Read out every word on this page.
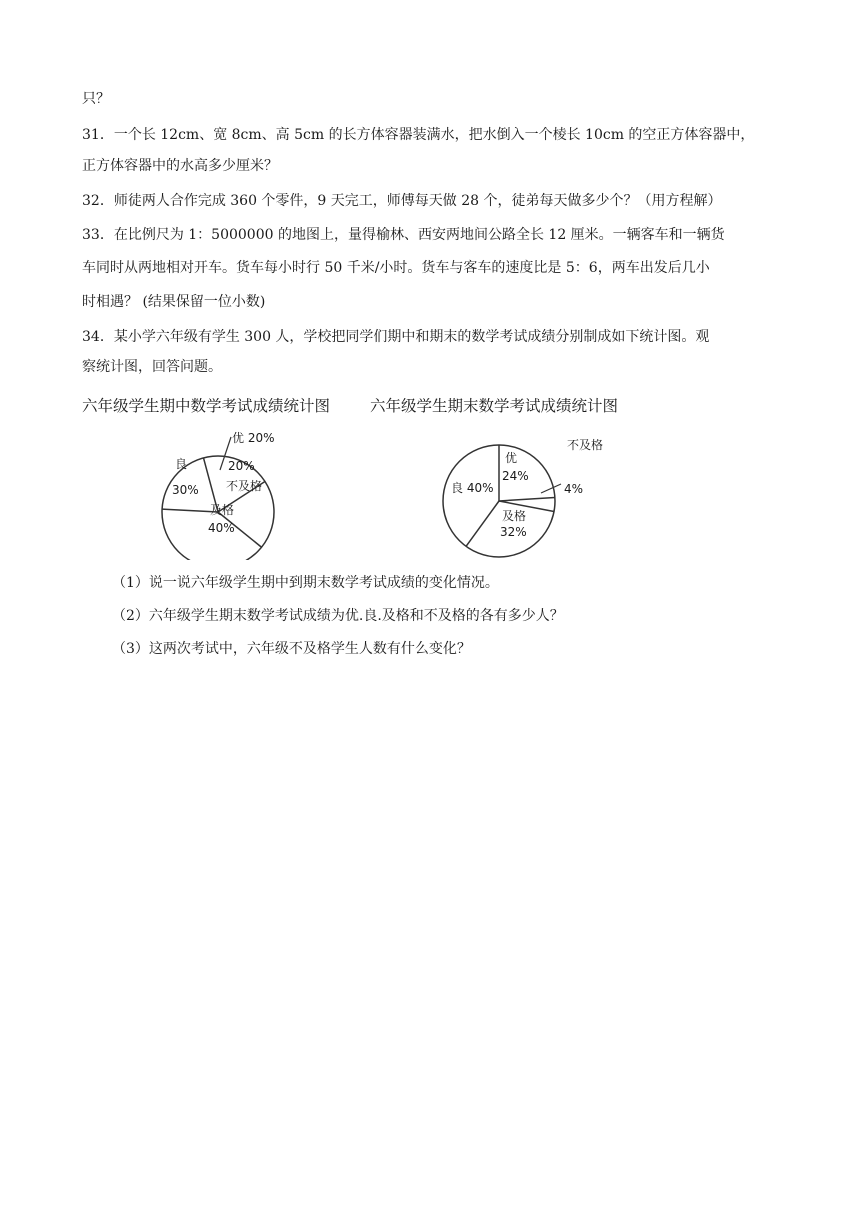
只？
31．一个长 12cm、宽 8cm、高 5cm 的长方体容器装满水，把水倒入一个棱长 10cm 的空正方体容器中，
正方体容器中的水高多少厘米？
32．师徒两人合作完成 360 个零件，9 天完工，师傅每天做 28 个，徒弟每天做多少个？（用方程解）
33．在比例尺为 1：5000000 的地图上，量得榆林、西安两地间公路全长 12 厘米。一辆客车和一辆货
车同时从两地相对开车。货车每小时行 50 千米/小时。货车与客车的速度比是 5：6，两车出发后几小
时相遇？ (结果保留一位小数)
34．某小学六年级有学生 300 人，学校把同学们期中和期末的数学考试成绩分别制成如下统计图。观
察统计图，回答问题。
六年级学生期中数学考试成绩统计图	六年级学生期末数学考试成绩统计图
优 20%
20%
不及格
及格
40%
良
30%
优
24%
不及格
4%
及格
32%
良 40%
（1）说一说六年级学生期中到期末数学考试成绩的变化情况。
（2）六年级学生期末数学考试成绩为优.良.及格和不及格的各有多少人？
（3）这两次考试中，六年级不及格学生人数有什么变化？
